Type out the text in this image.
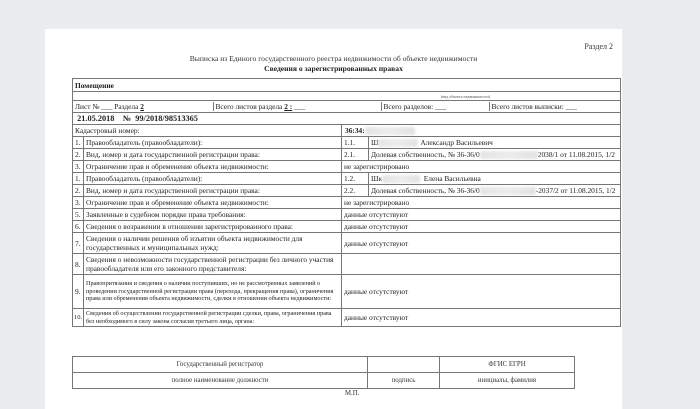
Раздел 2
Выписка из Единого государственного реестра недвижимости об объекте недвижимости
Сведения о зарегистрированных правах
Помещение
(вид объекта недвижимости)

Лист № ___ Раздела 2	Всего листов раздела 2 : ___	Всего разделов: ___	Всего листов выписки: ___

21.05.2018 № 99/2018/98513365
Кадастровый номер:	36:34:
1.	Правообладатель (правообладатели):	1.1.	Ш	Александр Васильевич
2.	Вид, номер и дата государственной регистрации права:	2.1.	Долевая собственность, № 36-36/0	2038/1 от 11.08.2015, 1/2
3.	Ограничение прав и обременение объекта недвижимости:	не зарегистрировано
1.	Правообладатель (правообладатели):	1.2.	Шк	Елена Васильевна
2.	Вид, номер и дата государственной регистрации права:	2.2.	Долевая собственность, № 36-36/0	-2037/2 от 11.08.2015, 1/2
3.	Ограничение прав и обременение объекта недвижимости:	не зарегистрировано
5.	Заявленные в судебном порядке права требования:	данные отсутствуют
6.	Сведения о возражении в отношении зарегистрированного права:	данные отсутствуют
7.	Сведения о наличии решения об изъятии объекта недвижимости для государственных и муниципальных нужд:	данные отсутствуют
8.	Сведения о невозможности государственной регистрации без личного участия правообладателя или его законного представителя:	
9.	Правопритязания и сведения о наличии поступивших, но не рассмотренных заявлений о проведении государственной регистрации права (перехода, прекращения права), ограничения права или обременения объекта недвижимости, сделки в отношении объекта недвижимости:	данные отсутствуют
10.	Сведения об осуществлении государственной регистрации сделки, права, ограничения права без необходимого в силу закона согласия третьего лица, органа:	данные отсутствуют
Государственный регистратор		ФГИС ЕГРН
полное наименование должности	подпись	инициалы, фамилия
М.П.
